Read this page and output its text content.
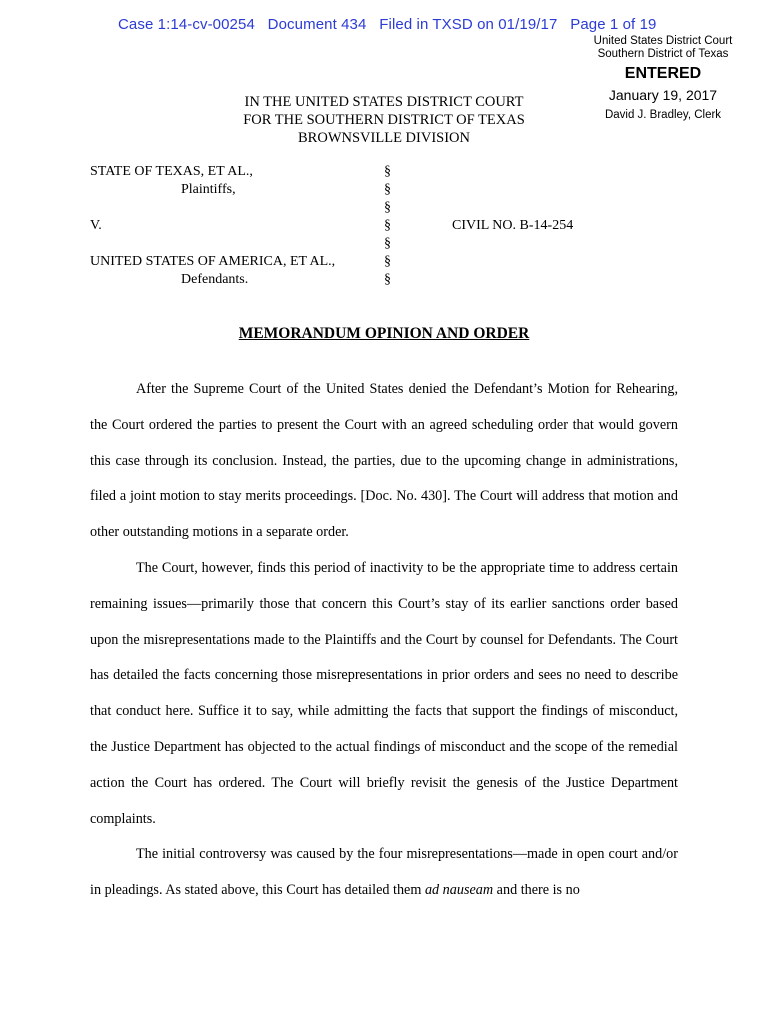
Case 1:14-cv-00254   Document 434   Filed in TXSD on 01/19/17   Page 1 of 19
United States District Court
Southern District of Texas
ENTERED
January 19, 2017
David J. Bradley, Clerk
IN THE UNITED STATES DISTRICT COURT
FOR THE SOUTHERN DISTRICT OF TEXAS
BROWNSVILLE DIVISION
STATE OF TEXAS, ET AL.,
Plaintiffs,
V.
UNITED STATES OF AMERICA, ET AL.,
Defendants.
§
§
§
§
§
§
§
CIVIL NO. B-14-254
MEMORANDUM OPINION AND ORDER

After the Supreme Court of the United States denied the Defendant’s Motion for Rehearing, the Court ordered the parties to present the Court with an agreed scheduling order that would govern this case through its conclusion. Instead, the parties, due to the upcoming change in administrations, filed a joint motion to stay merits proceedings. [Doc. No. 430]. The Court will address that motion and other outstanding motions in a separate order.

The Court, however, finds this period of inactivity to be the appropriate time to address certain remaining issues—primarily those that concern this Court’s stay of its earlier sanctions order based upon the misrepresentations made to the Plaintiffs and the Court by counsel for Defendants. The Court has detailed the facts concerning those misrepresentations in prior orders and sees no need to describe that conduct here. Suffice it to say, while admitting the facts that support the findings of misconduct, the Justice Department has objected to the actual findings of misconduct and the scope of the remedial action the Court has ordered. The Court will briefly revisit the genesis of the Justice Department complaints.

The initial controversy was caused by the four misrepresentations—made in open court and/or in pleadings. As stated above, this Court has detailed them ad nauseam and there is no
